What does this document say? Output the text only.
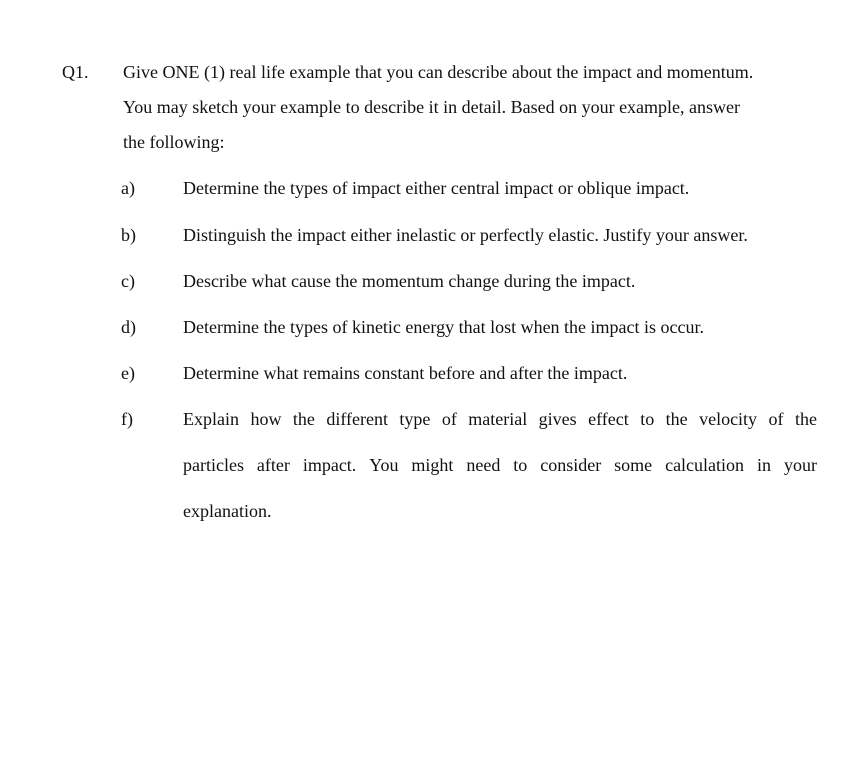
Q1. Give ONE (1) real life example that you can describe about the impact and momentum.
You may sketch your example to describe it in detail. Based on your example, answer
the following:
a)	Determine the types of impact either central impact or oblique impact.
b)	Distinguish the impact either inelastic or perfectly elastic. Justify your answer.
c)	Describe what cause the momentum change during the impact.
d)	Determine the types of kinetic energy that lost when the impact is occur.
e)	Determine what remains constant before and after the impact.
f)	Explain how the different type of material gives effect to the velocity of the
particles after impact. You might need to consider some calculation in your
explanation.
